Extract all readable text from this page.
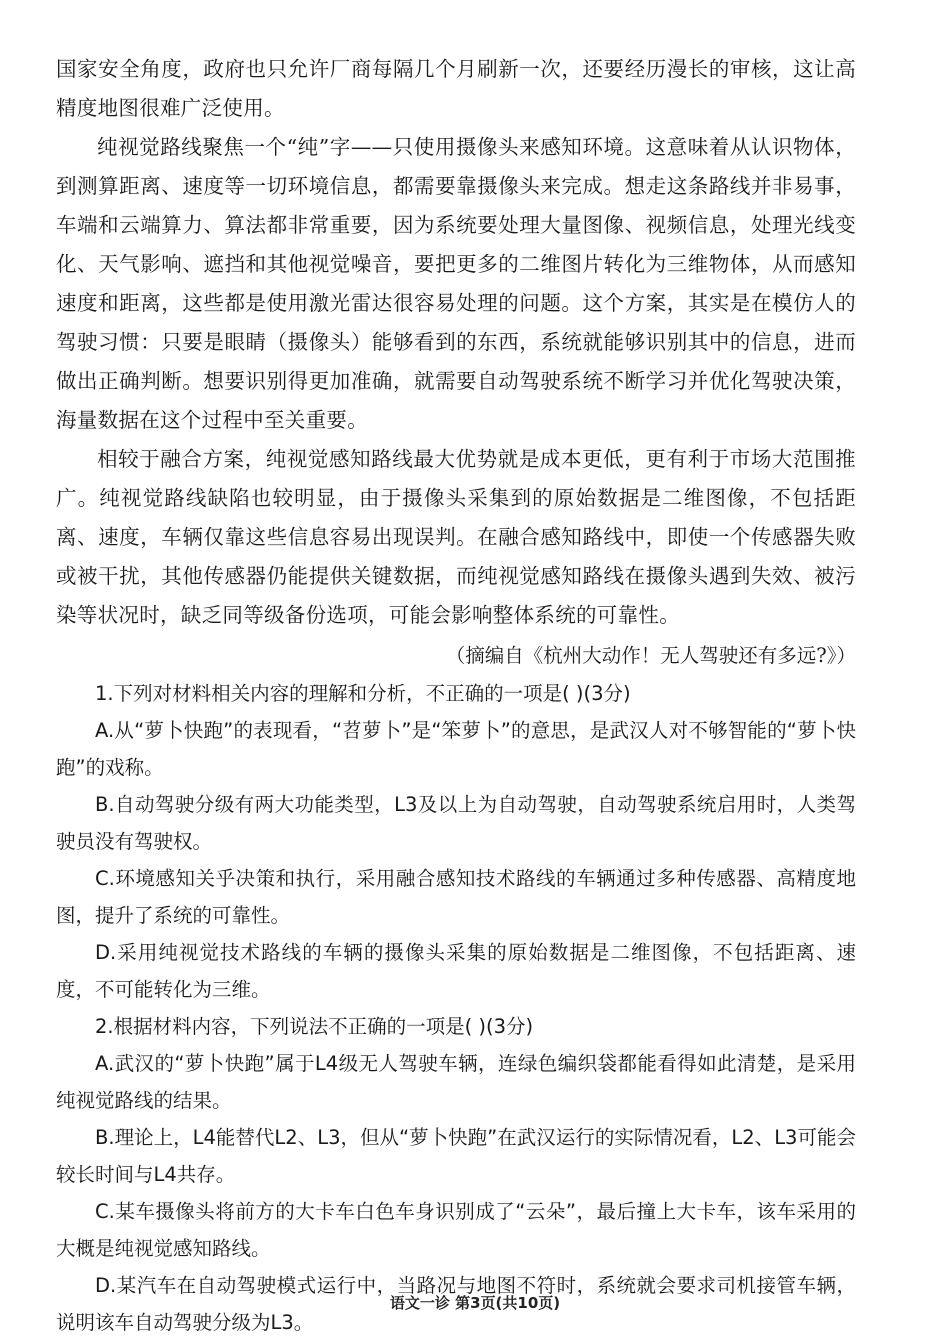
国家安全角度，政府也只允许厂商每隔几个月刷新一次，还要经历漫长的审核，这让高精度地图很难广泛使用。

纯视觉路线聚焦一个“纯”字——只使用摄像头来感知环境。这意味着从认识物体，到测算距离、速度等一切环境信息，都需要靠摄像头来完成。想走这条路线并非易事，车端和云端算力、算法都非常重要，因为系统要处理大量图像、视频信息，处理光线变化、天气影响、遮挡和其他视觉噪音，要把更多的二维图片转化为三维物体，从而感知速度和距离，这些都是使用激光雷达很容易处理的问题。这个方案，其实是在模仿人的驾驶习惯：只要是眼睛（摄像头）能够看到的东西，系统就能够识别其中的信息，进而做出正确判断。想要识别得更加准确，就需要自动驾驶系统不断学习并优化驾驶决策，海量数据在这个过程中至关重要。

相较于融合方案，纯视觉感知路线最大优势就是成本更低，更有利于市场大范围推广。纯视觉路线缺陷也较明显，由于摄像头采集到的原始数据是二维图像，不包括距离、速度，车辆仅靠这些信息容易出现误判。在融合感知路线中，即使一个传感器失败或被干扰，其他传感器仍能提供关键数据，而纯视觉感知路线在摄像头遇到失效、被污染等状况时，缺乏同等级备份选项，可能会影响整体系统的可靠性。

（摘编自《杭州大动作！无人驾驶还有多远?》）

1.下列对材料相关内容的理解和分析，不正确的一项是( )(3分)

A.从“萝卜快跑”的表现看，“苕萝卜”是“笨萝卜”的意思，是武汉人对不够智能的“萝卜快跑”的戏称。

B.自动驾驶分级有两大功能类型，L3及以上为自动驾驶，自动驾驶系统启用时，人类驾驶员没有驾驶权。

C.环境感知关乎决策和执行，采用融合感知技术路线的车辆通过多种传感器、高精度地图，提升了系统的可靠性。

D.采用纯视觉技术路线的车辆的摄像头采集的原始数据是二维图像，不包括距离、速度，不可能转化为三维。

2.根据材料内容，下列说法不正确的一项是( )(3分)

A.武汉的“萝卜快跑”属于L4级无人驾驶车辆，连绿色编织袋都能看得如此清楚，是采用纯视觉路线的结果。

B.理论上，L4能替代L2、L3，但从“萝卜快跑”在武汉运行的实际情况看，L2、L3可能会较长时间与L4共存。

C.某车摄像头将前方的大卡车白色车身识别成了“云朵”，最后撞上大卡车，该车采用的大概是纯视觉感知路线。

D.某汽车在自动驾驶模式运行中，当路况与地图不符时，系统就会要求司机接管车辆，说明该车自动驾驶分级为L3。

语文一诊 第3页(共10页)
